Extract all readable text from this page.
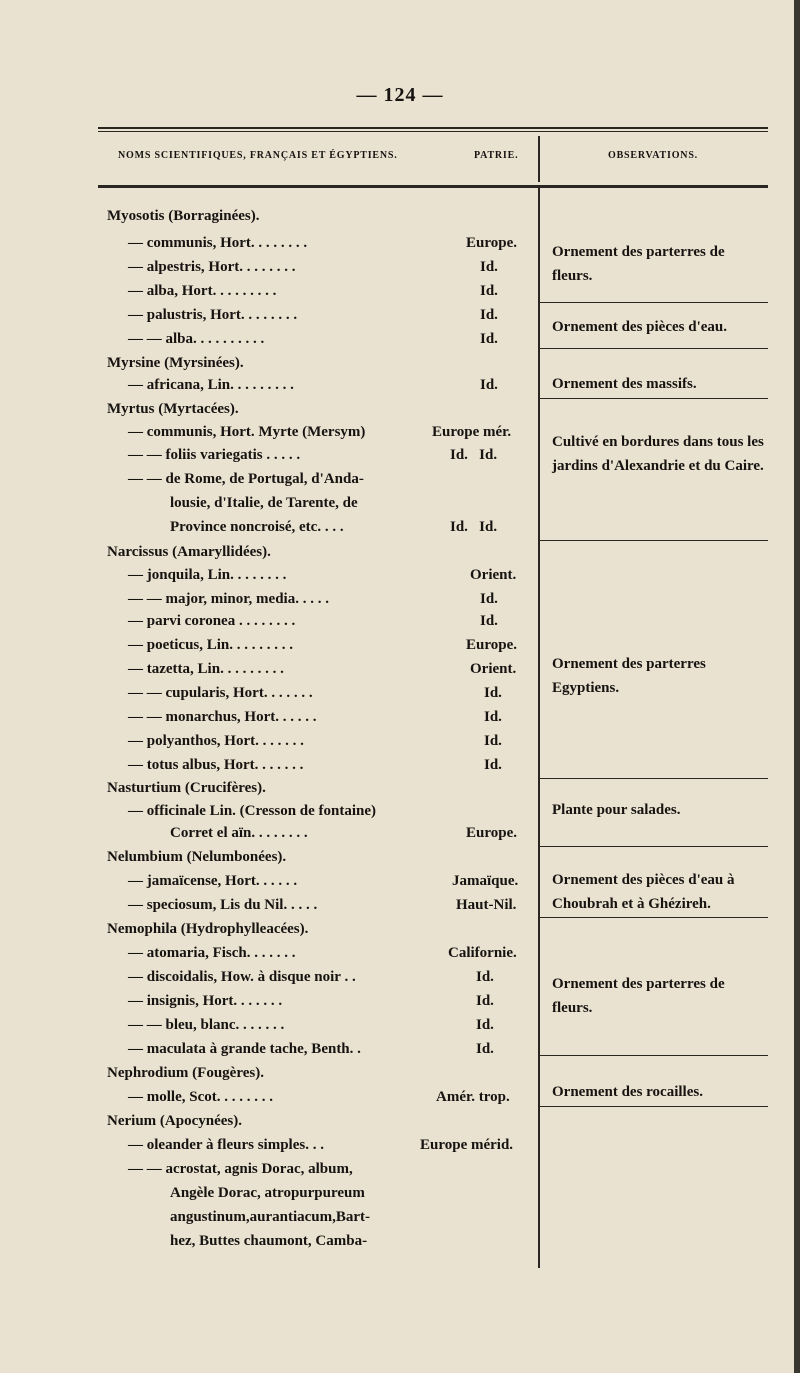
— 124 —
NOMS SCIENTIFIQUES, FRANÇAIS ET ÉGYPTIENS.	PATRIE.	OBSERVATIONS.
Myosotis (Borraginées).
— communis, Hort. . . . . . . .
— alpestris, Hort. . . . . . . .
— alba, Hort. . . . . . . . .
— palustris, Hort. . . . . . . .
— — alba. . . . . . . . . .
Myrsine (Myrsinées).
— africana, Lin. . . . . . . . .
Myrtus (Myrtacées).
— communis, Hort. Myrte (Mersym)
— — foliis variegatis . . . . .
— — de Rome, de Portugal, d'Anda-
lousie, d'Italie, de Tarente, de
Province noncroisé, etc. . . .
Narcissus (Amaryllidées).
— jonquila, Lin. . . . . . . .
— — major, minor, media. . . . .
— parvi coronea . . . . . . . .
— poeticus, Lin. . . . . . . . .
— tazetta, Lin. . . . . . . . .
— — cupularis, Hort. . . . . . .
— — monarchus, Hort. . . . . .
— polyanthos, Hort. . . . . . .
— totus albus, Hort. . . . . . .
Nasturtium (Crucifères).
— officinale Lin. (Cresson de fontaine)
Corret el aïn. . . . . . . .
Nelumbium (Nelumbonées).
— jamaïcense, Hort. . . . . .
— speciosum, Lis du Nil. . . . .
Nemophila (Hydrophylleacées).
— atomaria, Fisch. . . . . . .
— discoidalis, How. à disque noir . .
— insignis, Hort. . . . . . .
— — bleu, blanc. . . . . . .
— maculata à grande tache, Benth. .
Nephrodium (Fougères).
— molle, Scot. . . . . . . .
Nerium (Apocynées).
— oleander à fleurs simples. . .
— — acrostat, agnis Dorac, album,
Angèle Dorac, atropurpureum
angustinum,aurantiacum,Bart-
hez, Buttes chaumont, Camba-
Europe.
Id.
Id.
Id.
Id.
Id.
Europe mér.
Id.   Id.
Id.   Id.
Orient.
Id.
Id.
Europe.
Orient.
Id.
Id.
Id.
Id.
Europe.
Jamaïque.
Haut-Nil.
Californie.
Id.
Id.
Id.
Id.
Amér. trop.
Europe mérid.
Ornement des parterres de fleurs.
Ornement des pièces d'eau.
Ornement des massifs.
Cultivé en bordures dans tous les jardins d'Alexandrie et du Caire.
Ornement des parterres Egyptiens.
Plante pour salades.
Ornement des pièces d'eau à Choubrah et à Ghézireh.
Ornement des parterres de fleurs.
Ornement des rocailles.
